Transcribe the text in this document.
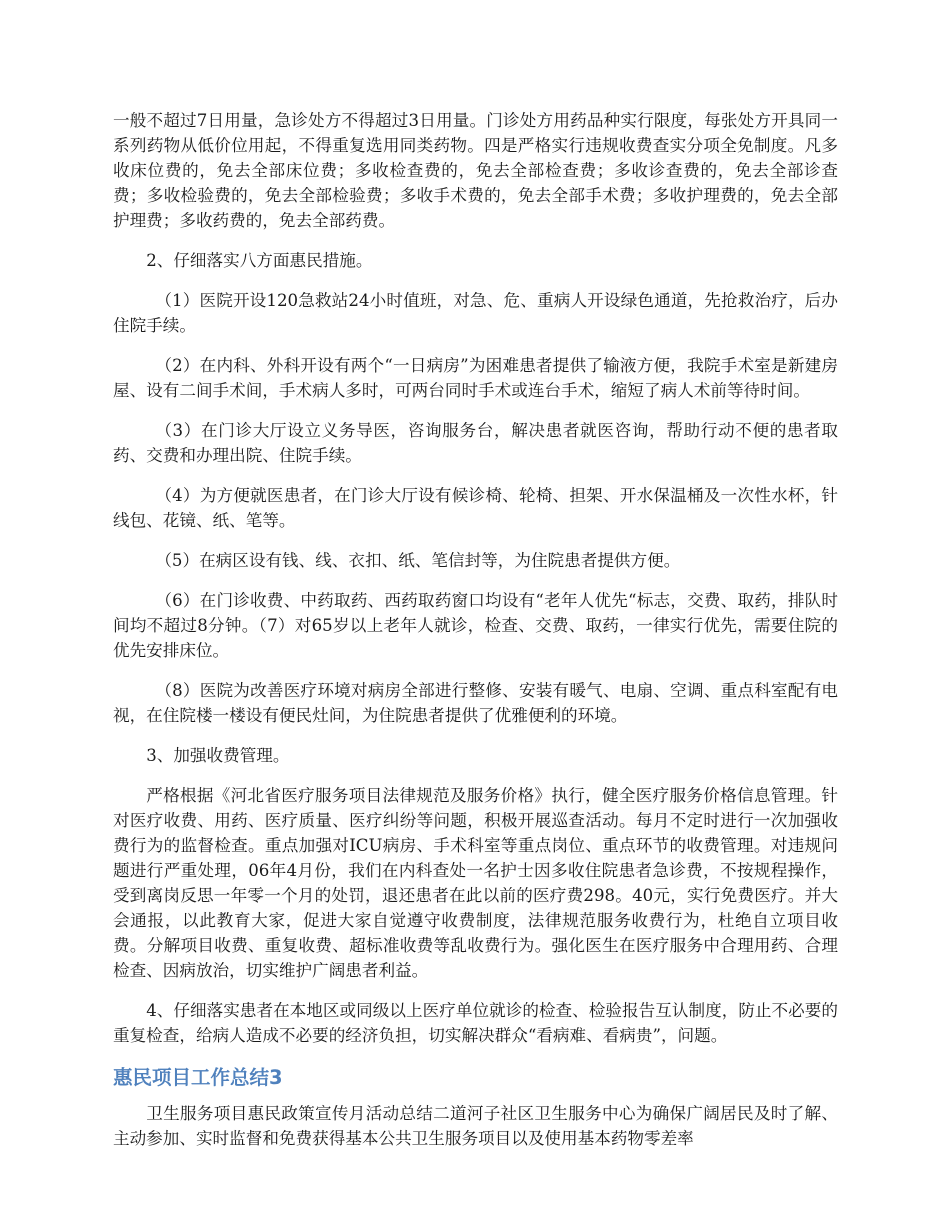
一般不超过7日用量，急诊处方不得超过3日用量。门诊处方用药品种实行限度，每张处方开具同一系列药物从低价位用起，不得重复选用同类药物。四是严格实行违规收费查实分项全免制度。凡多收床位费的，免去全部床位费；多收检查费的，免去全部检查费；多收诊查费的，免去全部诊查费；多收检验费的，免去全部检验费；多收手术费的，免去全部手术费；多收护理费的，免去全部护理费；多收药费的，免去全部药费。

2、仔细落实八方面惠民措施。

（1）医院开设120急救站24小时值班，对急、危、重病人开设绿色通道，先抢救治疗，后办住院手续。

（2）在内科、外科开设有两个“一日病房”为困难患者提供了输液方便，我院手术室是新建房屋、设有二间手术间，手术病人多时，可两台同时手术或连台手术，缩短了病人术前等待时间。

（3）在门诊大厅设立义务导医，咨询服务台，解决患者就医咨询，帮助行动不便的患者取药、交费和办理出院、住院手续。

（4）为方便就医患者，在门诊大厅设有候诊椅、轮椅、担架、开水保温桶及一次性水杯，针线包、花镜、纸、笔等。

（5）在病区设有钱、线、衣扣、纸、笔信封等，为住院患者提供方便。

（6）在门诊收费、中药取药、西药取药窗口均设有“老年人优先“标志，交费、取药，排队时间均不超过8分钟。（7）对65岁以上老年人就诊，检查、交费、取药，一律实行优先，需要住院的优先安排床位。

（8）医院为改善医疗环境对病房全部进行整修、安装有暖气、电扇、空调、重点科室配有电视，在住院楼一楼设有便民灶间，为住院患者提供了优雅便利的环境。

3、加强收费管理。

严格根据《河北省医疗服务项目法律规范及服务价格》执行，健全医疗服务价格信息管理。针对医疗收费、用药、医疗质量、医疗纠纷等问题，积极开展巡查活动。每月不定时进行一次加强收费行为的监督检查。重点加强对ICU病房、手术科室等重点岗位、重点环节的收费管理。对违规问题进行严重处理，06年4月份，我们在内科查处一名护士因多收住院患者急诊费，不按规程操作，受到离岗反思一年零一个月的处罚，退还患者在此以前的医疗费298。40元，实行免费医疗。并大会通报，以此教育大家，促进大家自觉遵守收费制度，法律规范服务收费行为，杜绝自立项目收费。分解项目收费、重复收费、超标准收费等乱收费行为。强化医生在医疗服务中合理用药、合理检查、因病放治，切实维护广阔患者利益。

4、仔细落实患者在本地区或同级以上医疗单位就诊的检查、检验报告互认制度，防止不必要的重复检查，给病人造成不必要的经济负担，切实解决群众“看病难、看病贵”，问题。

惠民项目工作总结3

卫生服务项目惠民政策宣传月活动总结二道河子社区卫生服务中心为确保广阔居民及时了解、主动参加、实时监督和免费获得基本公共卫生服务项目以及使用基本药物零差率
